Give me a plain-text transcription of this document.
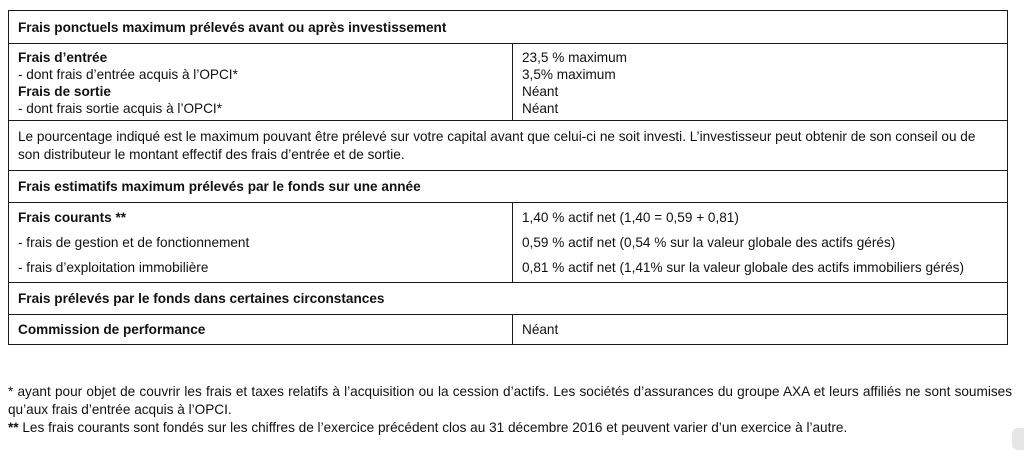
Frais ponctuels maximum prélevés avant ou après investissement
Frais d’entrée
- dont frais d’entrée acquis à l’OPCI*
Frais de sortie
- dont frais sortie acquis à l’OPCI*
23,5 % maximum
3,5% maximum
Néant
Néant
Le pourcentage indiqué est le maximum pouvant être prélevé sur votre capital avant que celui-ci ne soit investi. L’investisseur peut obtenir de son conseil ou de son distributeur le montant effectif des frais d’entrée et de sortie.
Frais estimatifs maximum prélevés par le fonds sur une année
Frais courants **
- frais de gestion et de fonctionnement
- frais d’exploitation immobilière
1,40 % actif net (1,40 = 0,59 + 0,81)
0,59 % actif net (0,54 % sur la valeur globale des actifs gérés)
0,81 % actif net (1,41% sur la valeur globale des actifs immobiliers gérés)
Frais prélevés par le fonds dans certaines circonstances
Commission de performance	Néant

* ayant pour objet de couvrir les frais et taxes relatifs à l’acquisition ou la cession d’actifs. Les sociétés d’assurances du groupe AXA et leurs affiliés ne sont soumises qu’aux frais d’entrée acquis à l’OPCI.

** Les frais courants sont fondés sur les chiffres de l’exercice précédent clos au 31 décembre 2016 et peuvent varier d’un exercice à l’autre.
